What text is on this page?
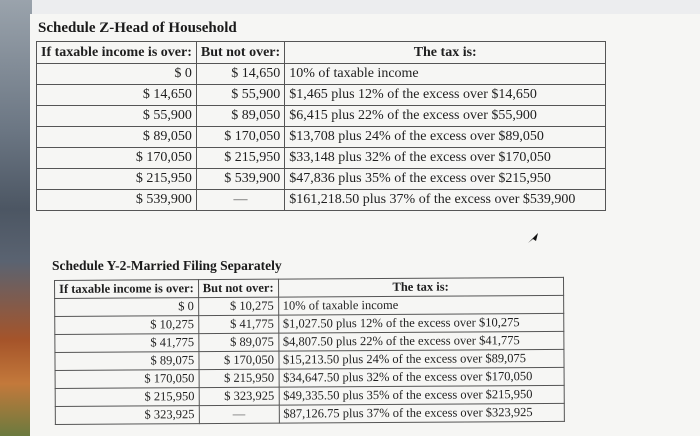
Schedule Z-Head of Household
If taxable income is over:	But not over:	The tax is:
$ 0	$ 14,650	10% of taxable income
$ 14,650	$ 55,900	$1,465 plus 12% of the excess over $14,650
$ 55,900	$ 89,050	$6,415 plus 22% of the excess over $55,900
$ 89,050	$ 170,050	$13,708 plus 24% of the excess over $89,050
$ 170,050	$ 215,950	$33,148 plus 32% of the excess over $170,050
$ 215,950	$ 539,900	$47,836 plus 35% of the excess over $215,950
$ 539,900	—	$161,218.50 plus 37% of the excess over $539,900
Schedule Y-2-Married Filing Separately
If taxable income is over:	But not over:	The tax is:
$ 0	$ 10,275	10% of taxable income
$ 10,275	$ 41,775	$1,027.50 plus 12% of the excess over $10,275
$ 41,775	$ 89,075	$4,807.50 plus 22% of the excess over $41,775
$ 89,075	$ 170,050	$15,213.50 plus 24% of the excess over $89,075
$ 170,050	$ 215,950	$34,647.50 plus 32% of the excess over $170,050
$ 215,950	$ 323,925	$49,335.50 plus 35% of the excess over $215,950
$ 323,925	—	$87,126.75 plus 37% of the excess over $323,925
